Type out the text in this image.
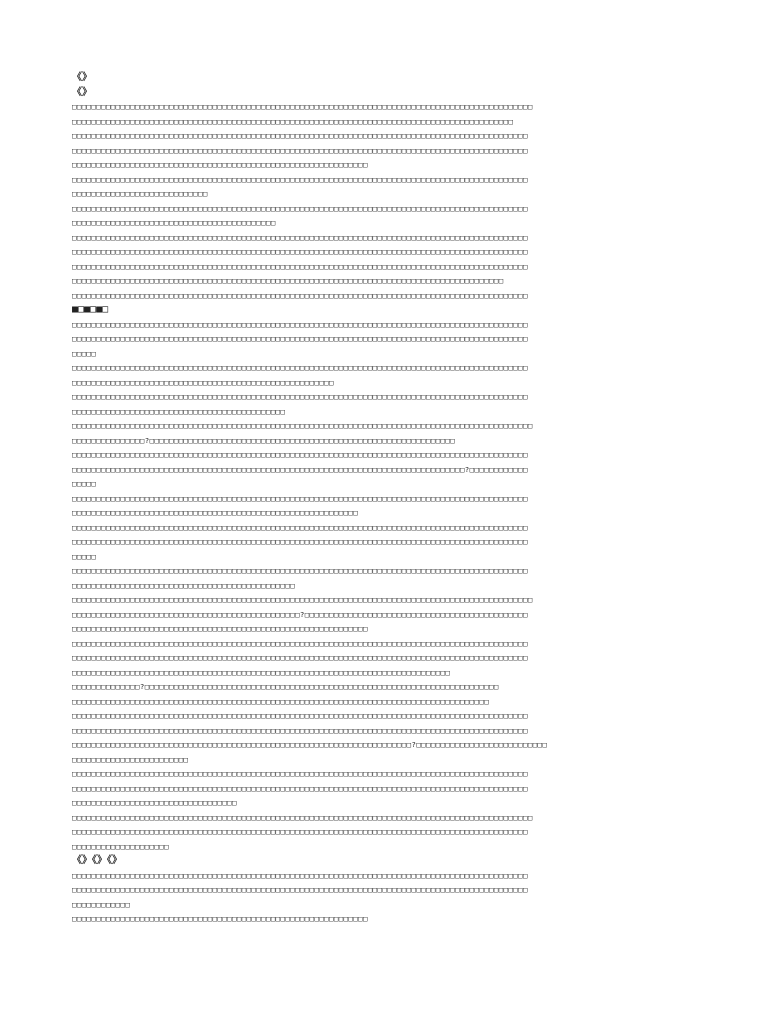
《》
《》
□□□□□□□□□□□□□□□□□□□□□□□□□□□□□□□□□□□□□□□□□□□□□□□□□□□□□□□□□□□□□□□□□□□□□□□□□□□□□□□□□□□□□□□□□□□□□□□
□□□□□□□□□□□□□□□□□□□□□□□□□□□□□□□□□□□□□□□□□□□□□□□□□□□□□□□□□□□□□□□□□□□□□□□□□□□□□□□□□□□□□□□□□□□
□□□□□□□□□□□□□□□□□□□□□□□□□□□□□□□□□□□□□□□□□□□□□□□□□□□□□□□□□□□□□□□□□□□□□□□□□□□□□□□□□□□□□□□□□□□□□□
□□□□□□□□□□□□□□□□□□□□□□□□□□□□□□□□□□□□□□□□□□□□□□□□□□□□□□□□□□□□□□□□□□□□□□□□□□□□□□□□□□□□□□□□□□□□□□
□□□□□□□□□□□□□□□□□□□□□□□□□□□□□□□□□□□□□□□□□□□□□□□□□□□□□□□□□□□□□
□□□□□□□□□□□□□□□□□□□□□□□□□□□□□□□□□□□□□□□□□□□□□□□□□□□□□□□□□□□□□□□□□□□□□□□□□□□□□□□□□□□□□□□□□□□□□□
□□□□□□□□□□□□□□□□□□□□□□□□□□□□
□□□□□□□□□□□□□□□□□□□□□□□□□□□□□□□□□□□□□□□□□□□□□□□□□□□□□□□□□□□□□□□□□□□□□□□□□□□□□□□□□□□□□□□□□□□□□□
□□□□□□□□□□□□□□□□□□□□□□□□□□□□□□□□□□□□□□□□□□
□□□□□□□□□□□□□□□□□□□□□□□□□□□□□□□□□□□□□□□□□□□□□□□□□□□□□□□□□□□□□□□□□□□□□□□□□□□□□□□□□□□□□□□□□□□□□□
□□□□□□□□□□□□□□□□□□□□□□□□□□□□□□□□□□□□□□□□□□□□□□□□□□□□□□□□□□□□□□□□□□□□□□□□□□□□□□□□□□□□□□□□□□□□□□
□□□□□□□□□□□□□□□□□□□□□□□□□□□□□□□□□□□□□□□□□□□□□□□□□□□□□□□□□□□□□□□□□□□□□□□□□□□□□□□□□□□□□□□□□□□□□□
□□□□□□□□□□□□□□□□□□□□□□□□□□□□□□□□□□□□□□□□□□□□□□□□□□□□□□□□□□□□□□□□□□□□□□□□□□□□□□□□□□□□□□□□□
□□□□□□□□□□□□□□□□□□□□□□□□□□□□□□□□□□□□□□□□□□□□□□□□□□□□□□□□□□□□□□□□□□□□□□□□□□□□□□□□□□□□□□□□□□□□□□
■□■□■□
□□□□□□□□□□□□□□□□□□□□□□□□□□□□□□□□□□□□□□□□□□□□□□□□□□□□□□□□□□□□□□□□□□□□□□□□□□□□□□□□□□□□□□□□□□□□□□
□□□□□□□□□□□□□□□□□□□□□□□□□□□□□□□□□□□□□□□□□□□□□□□□□□□□□□□□□□□□□□□□□□□□□□□□□□□□□□□□□□□□□□□□□□□□□□
□□□□□
□□□□□□□□□□□□□□□□□□□□□□□□□□□□□□□□□□□□□□□□□□□□□□□□□□□□□□□□□□□□□□□□□□□□□□□□□□□□□□□□□□□□□□□□□□□□□□
□□□□□□□□□□□□□□□□□□□□□□□□□□□□□□□□□□□□□□□□□□□□□□□□□□□□□□
□□□□□□□□□□□□□□□□□□□□□□□□□□□□□□□□□□□□□□□□□□□□□□□□□□□□□□□□□□□□□□□□□□□□□□□□□□□□□□□□□□□□□□□□□□□□□□
□□□□□□□□□□□□□□□□□□□□□□□□□□□□□□□□□□□□□□□□□□□□
□□□□□□□□□□□□□□□□□□□□□□□□□□□□□□□□□□□□□□□□□□□□□□□□□□□□□□□□□□□□□□□□□□□□□□□□□□□□□□□□□□□□□□□□□□□□□□□
□□□□□□□□□□□□□□□?□□□□□□□□□□□□□□□□□□□□□□□□□□□□□□□□□□□□□□□□□□□□□□□□□□□□□□□□□□□□□□□
□□□□□□□□□□□□□□□□□□□□□□□□□□□□□□□□□□□□□□□□□□□□□□□□□□□□□□□□□□□□□□□□□□□□□□□□□□□□□□□□□□□□□□□□□□□□□□
□□□□□□□□□□□□□□□□□□□□□□□□□□□□□□□□□□□□□□□□□□□□□□□□□□□□□□□□□□□□□□□□□□□□□□□□□□□□□□□□□?□□□□□□□□□□□□
□□□□□
□□□□□□□□□□□□□□□□□□□□□□□□□□□□□□□□□□□□□□□□□□□□□□□□□□□□□□□□□□□□□□□□□□□□□□□□□□□□□□□□□□□□□□□□□□□□□□
□□□□□□□□□□□□□□□□□□□□□□□□□□□□□□□□□□□□□□□□□□□□□□□□□□□□□□□□□□□
□□□□□□□□□□□□□□□□□□□□□□□□□□□□□□□□□□□□□□□□□□□□□□□□□□□□□□□□□□□□□□□□□□□□□□□□□□□□□□□□□□□□□□□□□□□□□□
□□□□□□□□□□□□□□□□□□□□□□□□□□□□□□□□□□□□□□□□□□□□□□□□□□□□□□□□□□□□□□□□□□□□□□□□□□□□□□□□□□□□□□□□□□□□□□
□□□□□
□□□□□□□□□□□□□□□□□□□□□□□□□□□□□□□□□□□□□□□□□□□□□□□□□□□□□□□□□□□□□□□□□□□□□□□□□□□□□□□□□□□□□□□□□□□□□□
□□□□□□□□□□□□□□□□□□□□□□□□□□□□□□□□□□□□□□□□□□□□□□
□□□□□□□□□□□□□□□□□□□□□□□□□□□□□□□□□□□□□□□□□□□□□□□□□□□□□□□□□□□□□□□□□□□□□□□□□□□□□□□□□□□□□□□□□□□□□□□
□□□□□□□□□□□□□□□□□□□□□□□□□□□□□□□□□□□□□□□□□□□□□□□?□□□□□□□□□□□□□□□□□□□□□□□□□□□□□□□□□□□□□□□□□□□□□□
□□□□□□□□□□□□□□□□□□□□□□□□□□□□□□□□□□□□□□□□□□□□□□□□□□□□□□□□□□□□□
□□□□□□□□□□□□□□□□□□□□□□□□□□□□□□□□□□□□□□□□□□□□□□□□□□□□□□□□□□□□□□□□□□□□□□□□□□□□□□□□□□□□□□□□□□□□□□
□□□□□□□□□□□□□□□□□□□□□□□□□□□□□□□□□□□□□□□□□□□□□□□□□□□□□□□□□□□□□□□□□□□□□□□□□□□□□□□□□□□□□□□□□□□□□□
□□□□□□□□□□□□□□□□□□□□□□□□□□□□□□□□□□□□□□□□□□□□□□□□□□□□□□□□□□□□□□□□□□□□□□□□□□□□□□
□□□□□□□□□□□□□□?□□□□□□□□□□□□□□□□□□□□□□□□□□□□□□□□□□□□□□□□□□□□□□□□□□□□□□□□□□□□□□□□□□□□□□□□□
□□□□□□□□□□□□□□□□□□□□□□□□□□□□□□□□□□□□□□□□□□□□□□□□□□□□□□□□□□□□□□□□□□□□□□□□□□□□□□□□□□□□□□
□□□□□□□□□□□□□□□□□□□□□□□□□□□□□□□□□□□□□□□□□□□□□□□□□□□□□□□□□□□□□□□□□□□□□□□□□□□□□□□□□□□□□□□□□□□□□□
□□□□□□□□□□□□□□□□□□□□□□□□□□□□□□□□□□□□□□□□□□□□□□□□□□□□□□□□□□□□□□□□□□□□□□□□□□□□□□□□□□□□□□□□□□□□□□
□□□□□□□□□□□□□□□□□□□□□□□□□□□□□□□□□□□□□□□□□□□□□□□□□□□□□□□□□□□□□□□□□□□□□□?□□□□□□□□□□□□□□□□□□□□□□□□□□□
□□□□□□□□□□□□□□□□□□□□□□□□
□□□□□□□□□□□□□□□□□□□□□□□□□□□□□□□□□□□□□□□□□□□□□□□□□□□□□□□□□□□□□□□□□□□□□□□□□□□□□□□□□□□□□□□□□□□□□□
□□□□□□□□□□□□□□□□□□□□□□□□□□□□□□□□□□□□□□□□□□□□□□□□□□□□□□□□□□□□□□□□□□□□□□□□□□□□□□□□□□□□□□□□□□□□□□
□□□□□□□□□□□□□□□□□□□□□□□□□□□□□□□□□□
□□□□□□□□□□□□□□□□□□□□□□□□□□□□□□□□□□□□□□□□□□□□□□□□□□□□□□□□□□□□□□□□□□□□□□□□□□□□□□□□□□□□□□□□□□□□□□□
□□□□□□□□□□□□□□□□□□□□□□□□□□□□□□□□□□□□□□□□□□□□□□□□□□□□□□□□□□□□□□□□□□□□□□□□□□□□□□□□□□□□□□□□□□□□□□
□□□□□□□□□□□□□□□□□□□□
《》《》《》
□□□□□□□□□□□□□□□□□□□□□□□□□□□□□□□□□□□□□□□□□□□□□□□□□□□□□□□□□□□□□□□□□□□□□□□□□□□□□□□□□□□□□□□□□□□□□□
□□□□□□□□□□□□□□□□□□□□□□□□□□□□□□□□□□□□□□□□□□□□□□□□□□□□□□□□□□□□□□□□□□□□□□□□□□□□□□□□□□□□□□□□□□□□□□
□□□□□□□□□□□□
□□□□□□□□□□□□□□□□□□□□□□□□□□□□□□□□□□□□□□□□□□□□□□□□□□□□□□□□□□□□□
